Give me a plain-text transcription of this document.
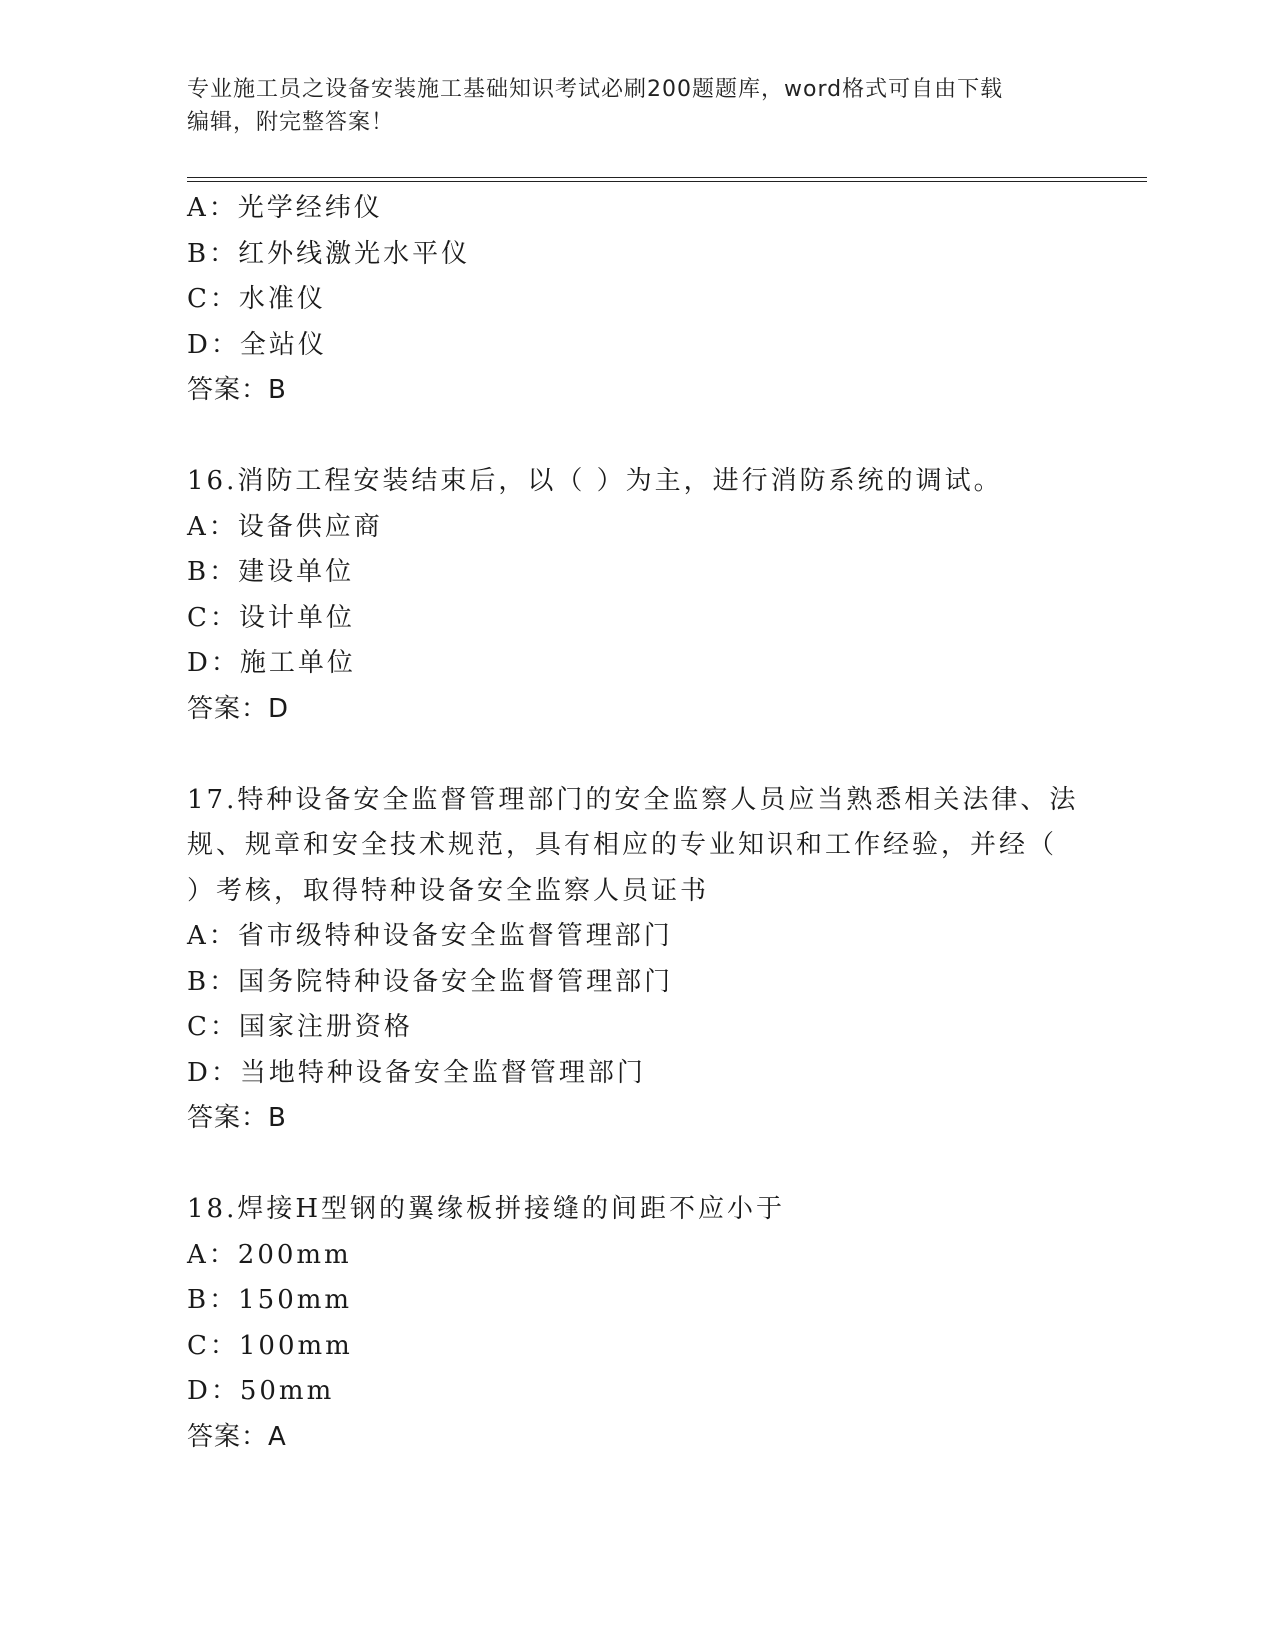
专业施工员之设备安装施工基础知识考试必刷200题题库，word格式可自由下载
编辑，附完整答案！
A：光学经纬仪
B：红外线激光水平仪
C：水准仪
D：全站仪
答案：B
16.消防工程安装结束后，以（ ）为主，进行消防系统的调试。
A：设备供应商
B：建设单位
C：设计单位
D：施工单位
答案：D
17.特种设备安全监督管理部门的安全监察人员应当熟悉相关法律、法
规、规章和安全技术规范，具有相应的专业知识和工作经验，并经（
）考核，取得特种设备安全监察人员证书
A：省市级特种设备安全监督管理部门
B：国务院特种设备安全监督管理部门
C：国家注册资格
D：当地特种设备安全监督管理部门
答案：B
18.焊接H型钢的翼缘板拼接缝的间距不应小于
A：200mm
B：150mm
C：100mm
D：50mm
答案：A
